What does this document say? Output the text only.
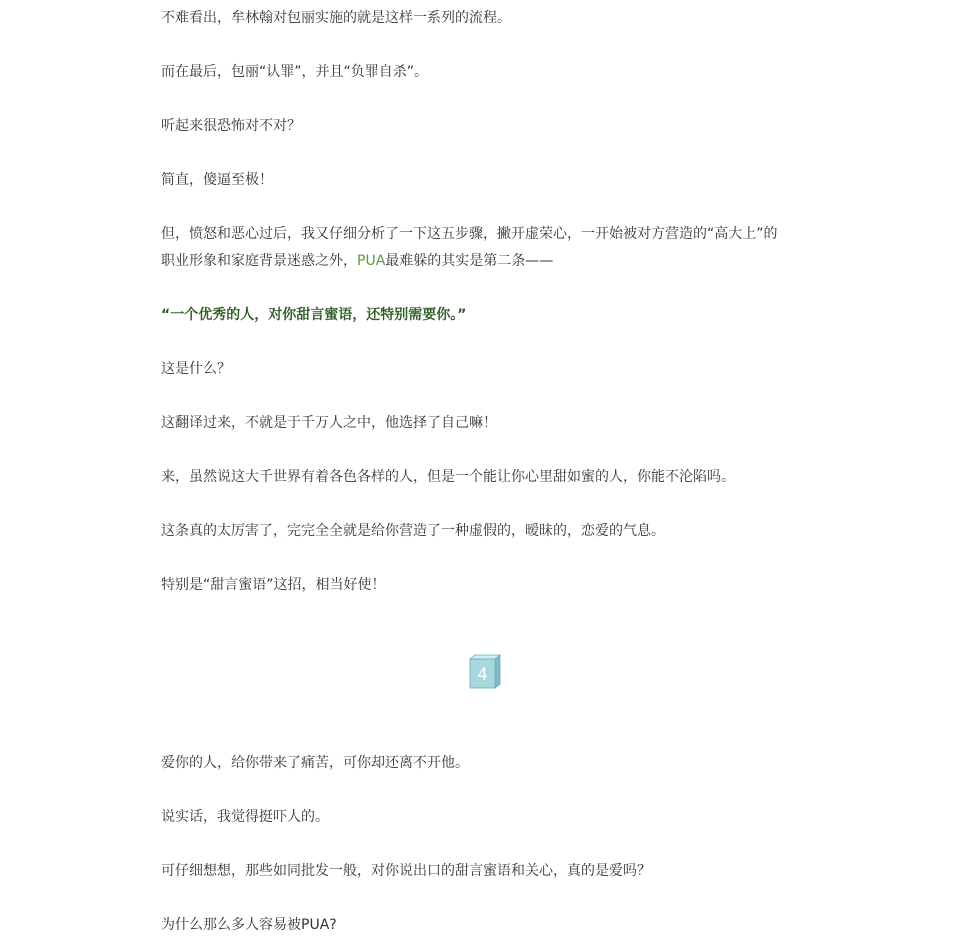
不难看出，牟林翰对包丽实施的就是这样一系列的流程。

而在最后，包丽“认罪”，并且“负罪自杀”。

听起来很恐怖对不对？

简直，傻逼至极！

但，愤怒和恶心过后，我又仔细分析了一下这五步骤，撇开虚荣心，一开始被对方营造的“高大上”的
职业形象和家庭背景迷惑之外，PUA最难躲的其实是第二条——

“一个优秀的人，对你甜言蜜语，还特别需要你。”

这是什么？

这翻译过来，不就是于千万人之中，他选择了自己嘛！

来，虽然说这大千世界有着各色各样的人，但是一个能让你心里甜如蜜的人，你能不沦陷吗。

这条真的太厉害了，完完全全就是给你营造了一种虚假的，暧昧的，恋爱的气息。

特别是“甜言蜜语”这招，相当好使！

4

爱你的人，给你带来了痛苦，可你却还离不开他。

说实话，我觉得挺吓人的。

可仔细想想，那些如同批发一般，对你说出口的甜言蜜语和关心，真的是爱吗？

为什么那么多人容易被PUA?
